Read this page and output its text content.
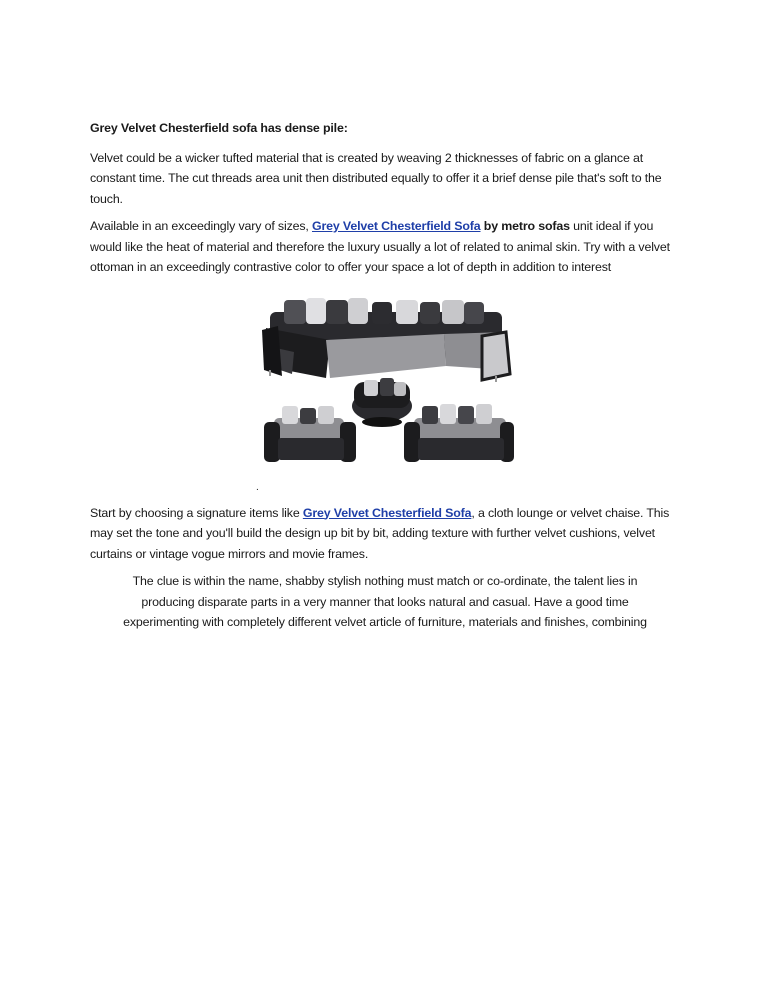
Grey Velvet Chesterfield sofa has dense pile:

Velvet could be a wicker tufted material that is created by weaving 2 thicknesses of fabric on a glance at constant time. The cut threads area unit then distributed equally to offer it a brief dense pile that's soft to the touch.

Available in an exceedingly vary of sizes, Grey Velvet Chesterfield Sofa by metro sofas unit ideal if you would like the heat of material and therefore the luxury usually a lot of related to animal skin. Try with a velvet ottoman in an exceedingly contrastive color to offer your space a lot of depth in addition to interest

.

Start by choosing a signature items like Grey Velvet Chesterfield Sofa, a cloth lounge or velvet chaise. This may set the tone and you'll build the design up bit by bit, adding texture with further velvet cushions, velvet curtains or vintage vogue mirrors and movie frames.

The clue is within the name, shabby stylish nothing must match or co-ordinate, the talent lies in
producing disparate parts in a very manner that looks natural and casual. Have a good time
experimenting with completely different velvet article of furniture, materials and finishes, combining
